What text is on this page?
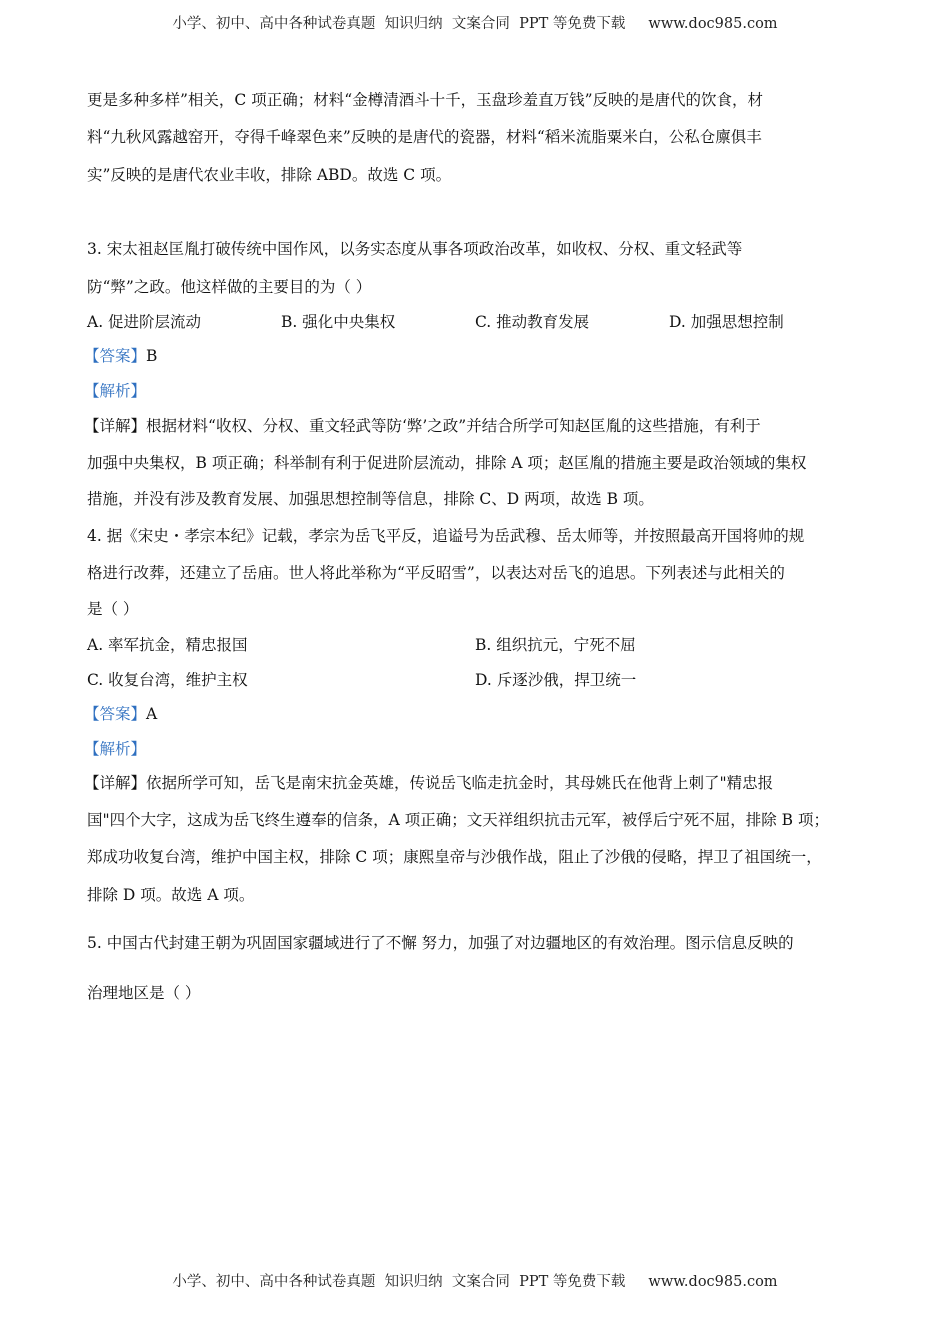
小学、初中、高中各种试卷真题  知识归纳  文案合同  PPT 等免费下载     www.doc985.com
更是多种多样”相关，C 项正确；材料“金樽清酒斗十千，玉盘珍羞直万钱”反映的是唐代的饮食，材
料“九秋风露越窑开，夺得千峰翠色来”反映的是唐代的瓷器，材料“稻米流脂粟米白，公私仓廪俱丰
实”反映的是唐代农业丰收，排除 ABD。故选 C 项。
3. 宋太祖赵匡胤打破传统中国作风，以务实态度从事各项政治改革，如收权、分权、重文轻武等
防“弊”之政。他这样做的主要目的为（ ）
A. 促进阶层流动	B. 强化中央集权	C. 推动教育发展	D. 加强思想控制
【答案】B
【解析】
【详解】根据材料“收权、分权、重文轻武等防‘弊’之政”并结合所学可知赵匡胤的这些措施，有利于
加强中央集权，B 项正确；科举制有利于促进阶层流动，排除 A 项；赵匡胤的措施主要是政治领域的集权
措施，并没有涉及教育发展、加强思想控制等信息，排除 C、D 两项，故选 B 项。
4. 据《宋史・孝宗本纪》记载，孝宗为岳飞平反，追谥号为岳武穆、岳太师等，并按照最高开国将帅的规
格进行改葬，还建立了岳庙。世人将此举称为“平反昭雪”，以表达对岳飞的追思。下列表述与此相关的
是（ ）
A. 率军抗金，精忠报国	B. 组织抗元，宁死不屈
C. 收复台湾，维护主权	D. 斥逐沙俄，捍卫统一
【答案】A
【解析】
【详解】依据所学可知，岳飞是南宋抗金英雄，传说岳飞临走抗金时，其母姚氏在他背上刺了"精忠报
国"四个大字，这成为岳飞终生遵奉的信条，A 项正确；文天祥组织抗击元军，被俘后宁死不屈，排除 B 项；
郑成功收复台湾，维护中国主权，排除 C 项；康熙皇帝与沙俄作战，阻止了沙俄的侵略，捍卫了祖国统一，
排除 D 项。故选 A 项。
5. 中国古代封建王朝为巩固国家疆域进行了不懈 努力，加强了对边疆地区的有效治理。图示信息反映的
治理地区是（ ）
小学、初中、高中各种试卷真题  知识归纳  文案合同  PPT 等免费下载     www.doc985.com
